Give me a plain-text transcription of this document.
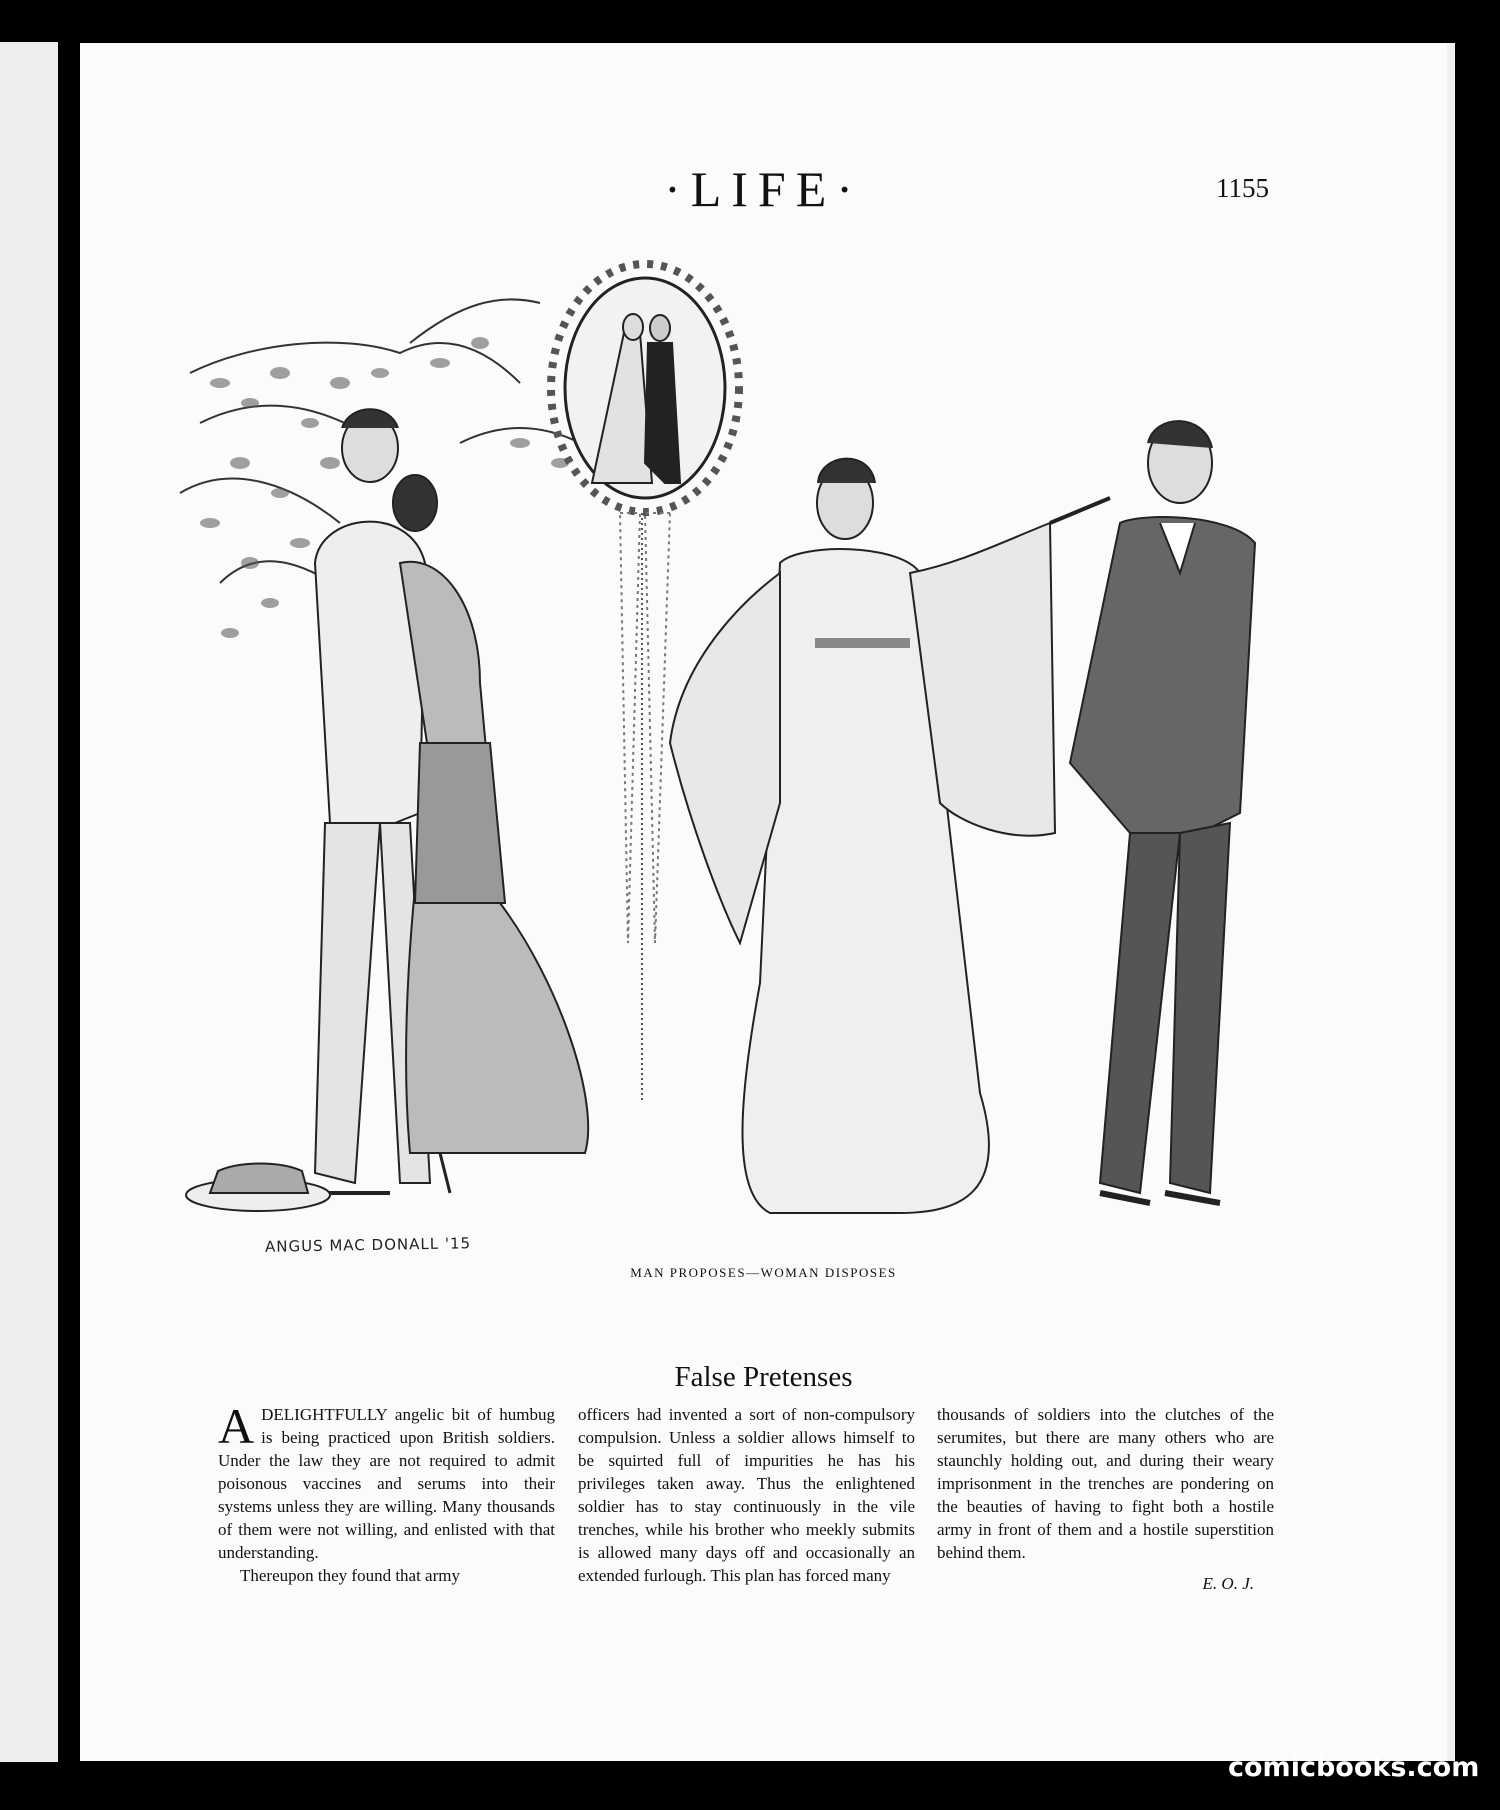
·LIFE·	1155
ANGUS MAC DONALL '15
MAN PROPOSES—WOMAN DISPOSES
False Pretenses

ADELIGHTFULLY angelic bit of humbug is being practiced upon British soldiers. Under the law they are not required to admit poisonous vaccines and serums into their systems unless they are willing. Many thousands of them were not willing, and enlisted with that understanding.

Thereupon they found that army

officers had invented a sort of non-compulsory compulsion. Unless a soldier allows himself to be squirted full of impurities he has his privileges taken away. Thus the enlightened soldier has to stay continuously in the vile trenches, while his brother who meekly submits is allowed many days off and occasionally an extended furlough. This plan has forced many

thousands of soldiers into the clutches of the serumites, but there are many others who are staunchly holding out, and during their weary imprisonment in the trenches are pondering on the beauties of having to fight both a hostile army in front of them and a hostile superstition behind them.

E. O. J.
comicbooks.com
